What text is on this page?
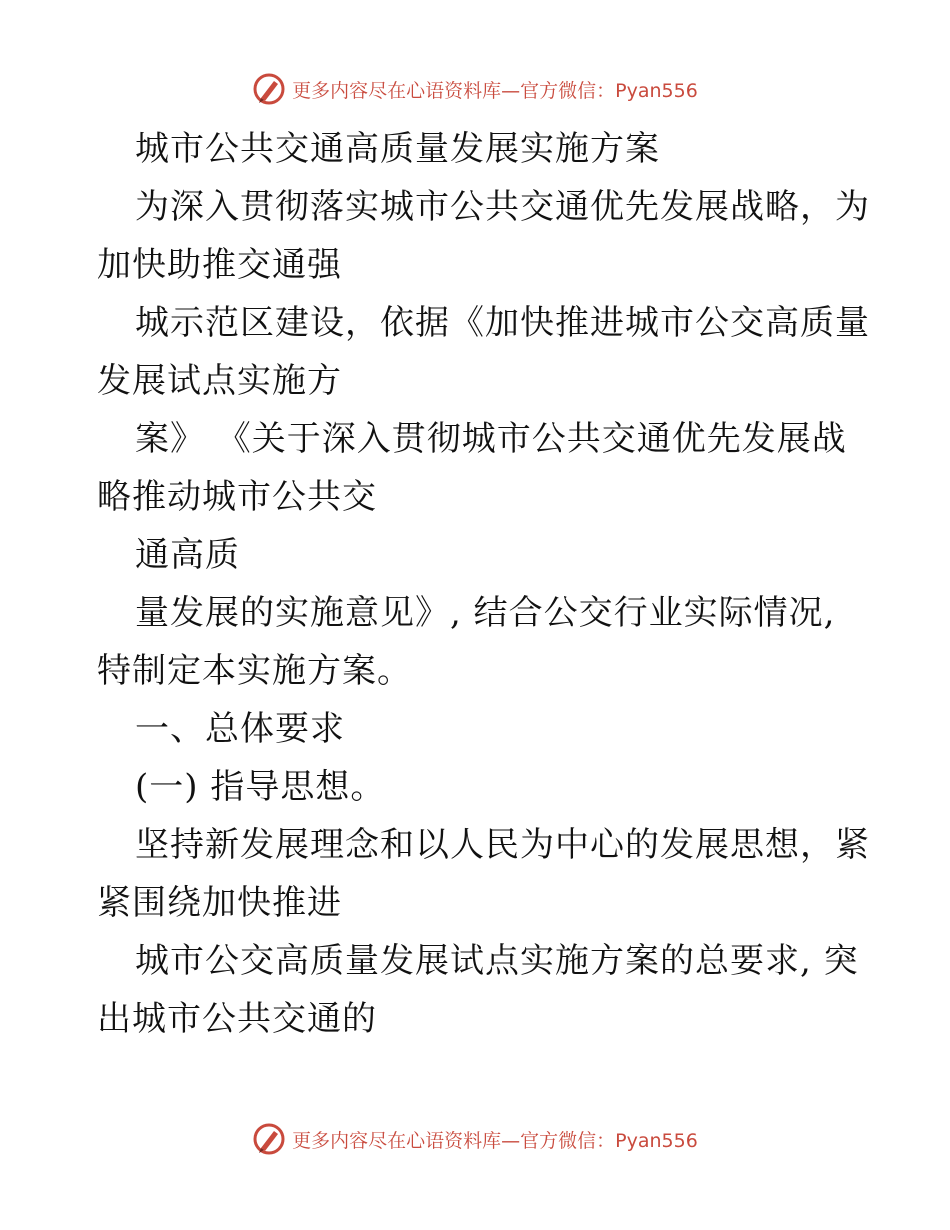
更多内容尽在心语资料库—官方微信：Pyan556
城市公共交通高质量发展实施方案
为深入贯彻落实城市公共交通优先发展战略，为
加快助推交通强
城示范区建设，依据《加快推进城市公交高质量
发展试点实施方
案》 《关于深入贯彻城市公共交通优先发展战
略推动城市公共交
通高质
量发展的实施意见》, 结合公交行业实际情况,
特制定本实施方案。
一、总体要求
(一) 指导思想。
坚持新发展理念和以人民为中心的发展思想，紧
紧围绕加快推进
城市公交高质量发展试点实施方案的总要求, 突
出城市公共交通的
更多内容尽在心语资料库—官方微信：Pyan556
